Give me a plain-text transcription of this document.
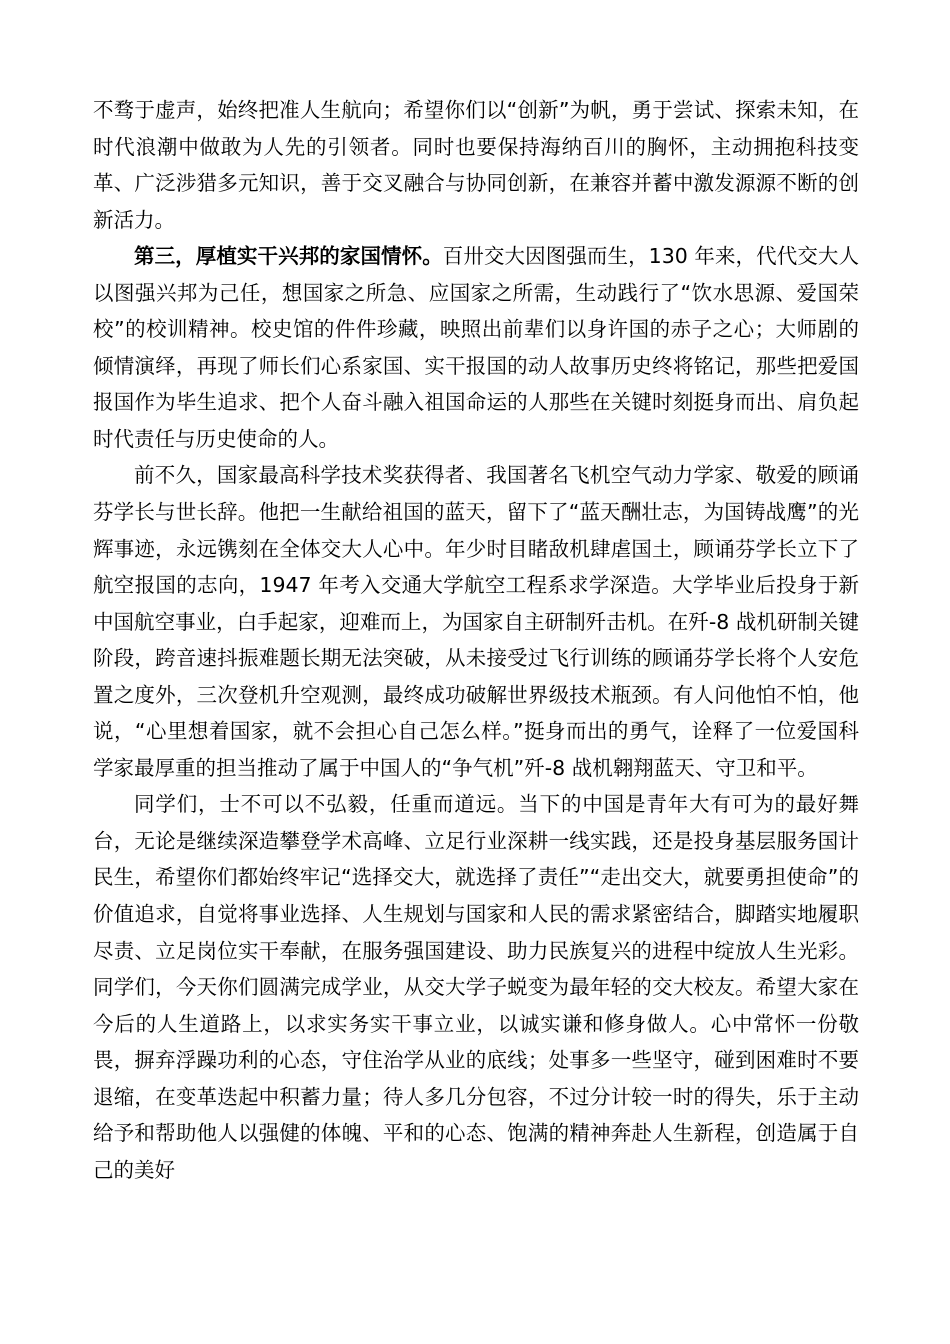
不骛于虚声，始终把准人生航向；希望你们以“创新”为帆，勇于尝试、探索未知，在时代浪潮中做敢为人先的引领者。同时也要保持海纳百川的胸怀，主动拥抱科技变革、广泛涉猎多元知识，善于交叉融合与协同创新，在兼容并蓄中激发源源不断的创新活力。

第三，厚植实干兴邦的家国情怀。百卅交大因图强而生，130 年来，代代交大人以图强兴邦为己任，想国家之所急、应国家之所需，生动践行了“饮水思源、爱国荣校”的校训精神。校史馆的件件珍藏，映照出前辈们以身许国的赤子之心；大师剧的倾情演绎，再现了师长们心系家国、实干报国的动人故事历史终将铭记，那些把爱国报国作为毕生追求、把个人奋斗融入祖国命运的人那些在关键时刻挺身而出、肩负起时代责任与历史使命的人。

前不久，国家最高科学技术奖获得者、我国著名飞机空气动力学家、敬爱的顾诵芬学长与世长辞。他把一生献给祖国的蓝天，留下了“蓝天酬壮志，为国铸战鹰”的光辉事迹，永远镌刻在全体交大人心中。年少时目睹敌机肆虐国土，顾诵芬学长立下了航空报国的志向，1947 年考入交通大学航空工程系求学深造。大学毕业后投身于新中国航空事业，白手起家，迎难而上，为国家自主研制歼击机。在歼-8 战机研制关键阶段，跨音速抖振难题长期无法突破，从未接受过飞行训练的顾诵芬学长将个人安危置之度外，三次登机升空观测，最终成功破解世界级技术瓶颈。有人问他怕不怕，他说，“心里想着国家，就不会担心自己怎么样。”挺身而出的勇气，诠释了一位爱国科学家最厚重的担当推动了属于中国人的“争气机”歼-8 战机翱翔蓝天、守卫和平。

同学们，士不可以不弘毅，任重而道远。当下的中国是青年大有可为的最好舞台，无论是继续深造攀登学术高峰、立足行业深耕一线实践，还是投身基层服务国计民生，希望你们都始终牢记“选择交大，就选择了责任”“走出交大，就要勇担使命”的价值追求，自觉将事业选择、人生规划与国家和人民的需求紧密结合，脚踏实地履职尽责、立足岗位实干奉献，在服务强国建设、助力民族复兴的进程中绽放人生光彩。同学们，今天你们圆满完成学业，从交大学子蜕变为最年轻的交大校友。希望大家在今后的人生道路上，以求实务实干事立业，以诚实谦和修身做人。心中常怀一份敬畏，摒弃浮躁功利的心态，守住治学从业的底线；处事多一些坚守，碰到困难时不要退缩，在变革迭起中积蓄力量；待人多几分包容，不过分计较一时的得失，乐于主动给予和帮助他人以强健的体魄、平和的心态、饱满的精神奔赴人生新程，创造属于自己的美好
